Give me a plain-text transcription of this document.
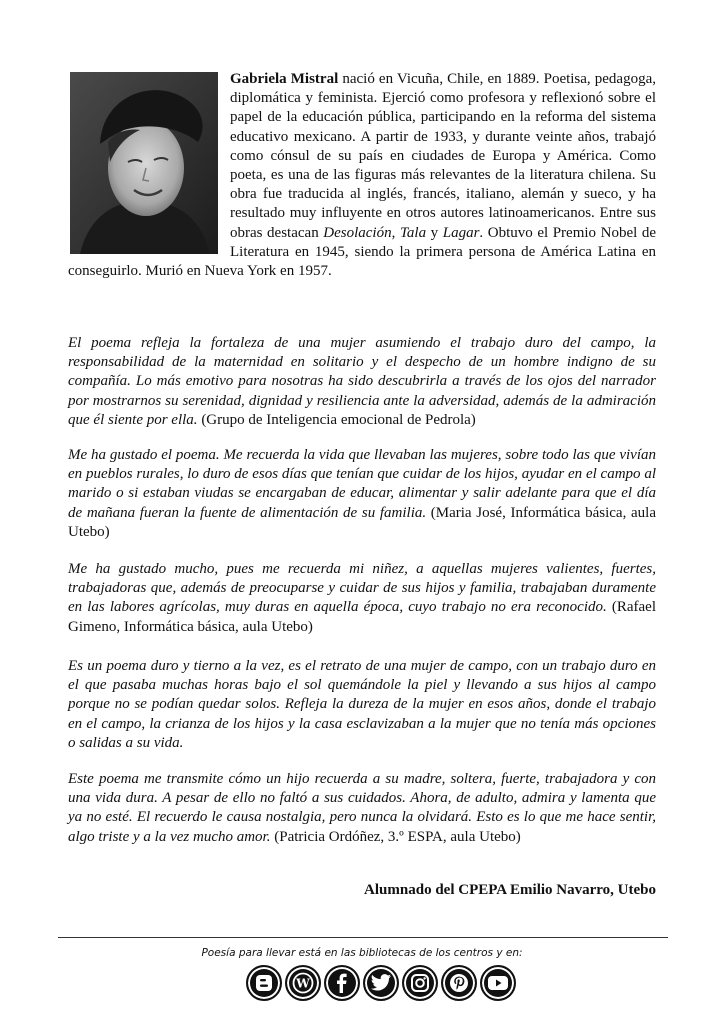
Gabriela Mistral nació en Vicuña, Chile, en 1889. Poetisa, pedagoga, diplomática y feminista. Ejerció como profesora y reflexionó sobre el papel de la educación pública, participando en la reforma del sistema educativo mexicano. A partir de 1933, y durante veinte años, trabajó como cónsul de su país en ciudades de Europa y América. Como poeta, es una de las figuras más relevantes de la literatura chilena. Su obra fue traducida al inglés, francés, italiano, alemán y sueco, y ha resultado muy influyente en otros autores latinoamericanos. Entre sus obras destacan Desolación, Tala y Lagar. Obtuvo el Premio Nobel de Literatura en 1945, siendo la primera persona de América Latina en conseguirlo. Murió en Nueva York en 1957.
El poema refleja la fortaleza de una mujer asumiendo el trabajo duro del campo, la responsabilidad de la maternidad en solitario y el despecho de un hombre indigno de su compañía. Lo más emotivo para nosotras ha sido descubrirla a través de los ojos del narrador por mostrarnos su serenidad, dignidad y resiliencia ante la adversidad, además de la admiración que él siente por ella. (Grupo de Inteligencia emocional de Pedrola)
Me ha gustado el poema. Me recuerda la vida que llevaban las mujeres, sobre todo las que vivían en pueblos rurales, lo duro de esos días que tenían que cuidar de los hijos, ayudar en el campo al marido o si estaban viudas se encargaban de educar, alimentar y salir adelante para que el día de mañana fueran la fuente de alimentación de su familia. (Maria José, Informática básica, aula Utebo)
Me ha gustado mucho, pues me recuerda mi niñez, a aquellas mujeres valientes, fuertes, trabajadoras que, además de preocuparse y cuidar de sus hijos y familia, trabajaban duramente en las labores agrícolas, muy duras en aquella época, cuyo trabajo no era reconocido. (Rafael Gimeno, Informática básica, aula Utebo)
Es un poema duro y tierno a la vez, es el retrato de una mujer de campo, con un trabajo duro en el que pasaba muchas horas bajo el sol quemándole la piel y llevando a sus hijos al campo porque no se podían quedar solos. Refleja la dureza de la mujer en esos años, donde el trabajo en el campo, la crianza de los hijos y la casa esclavizaban a la mujer que no tenía más opciones o salidas a su vida.
Este poema me transmite cómo un hijo recuerda a su madre, soltera, fuerte, trabajadora y con una vida dura. A pesar de ello no faltó a sus cuidados. Ahora, de adulto, admira y lamenta que ya no esté. El recuerdo le causa nostalgia, pero nunca la olvidará. Esto es lo que me hace sentir, algo triste y a la vez mucho amor. (Patricia Ordóñez, 3.º ESPA, aula Utebo)
Alumnado del CPEPA Emilio Navarro, Utebo
Poesía para llevar está en las bibliotecas de los centros y en:
W
